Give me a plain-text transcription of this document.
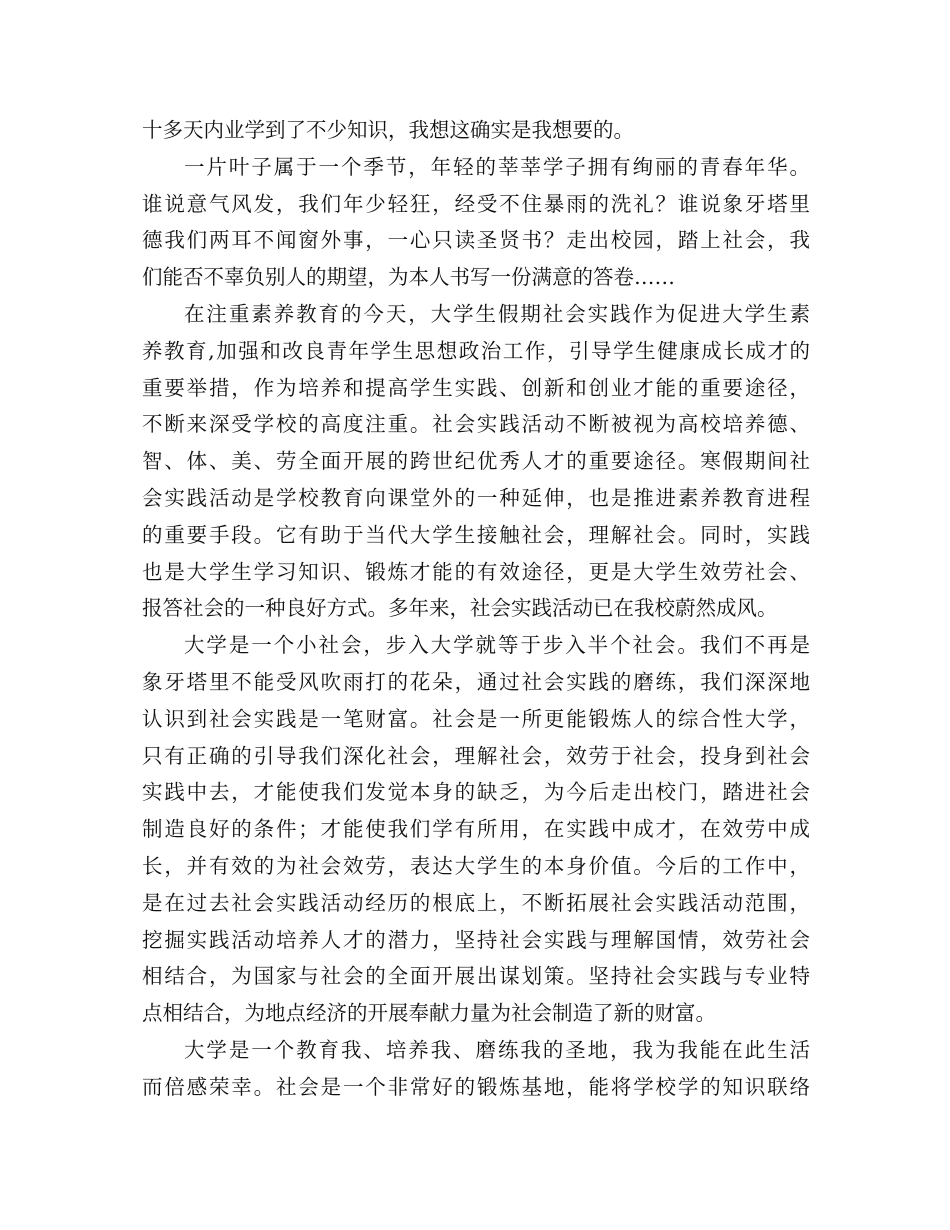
十多天内业学到了不少知识，我想这确实是我想要的。
一片叶子属于一个季节，年轻的莘莘学子拥有绚丽的青春年华。
谁说意气风发，我们年少轻狂，经受不住暴雨的洗礼？谁说象牙塔里
德我们两耳不闻窗外事，一心只读圣贤书？走出校园，踏上社会，我
们能否不辜负别人的期望，为本人书写一份满意的答卷……
在注重素养教育的今天，大学生假期社会实践作为促进大学生素
养教育,加强和改良青年学生思想政治工作，引导学生健康成长成才的
重要举措，作为培养和提高学生实践、创新和创业才能的重要途径，
不断来深受学校的高度注重。社会实践活动不断被视为高校培养德、
智、体、美、劳全面开展的跨世纪优秀人才的重要途径。寒假期间社
会实践活动是学校教育向课堂外的一种延伸，也是推进素养教育进程
的重要手段。它有助于当代大学生接触社会，理解社会。同时，实践
也是大学生学习知识、锻炼才能的有效途径，更是大学生效劳社会、
报答社会的一种良好方式。多年来，社会实践活动已在我校蔚然成风。
大学是一个小社会，步入大学就等于步入半个社会。我们不再是
象牙塔里不能受风吹雨打的花朵，通过社会实践的磨练，我们深深地
认识到社会实践是一笔财富。社会是一所更能锻炼人的综合性大学，
只有正确的引导我们深化社会，理解社会，效劳于社会，投身到社会
实践中去，才能使我们发觉本身的缺乏，为今后走出校门，踏进社会
制造良好的条件；才能使我们学有所用，在实践中成才，在效劳中成
长，并有效的为社会效劳，表达大学生的本身价值。今后的工作中，
是在过去社会实践活动经历的根底上，不断拓展社会实践活动范围，
挖掘实践活动培养人才的潜力，坚持社会实践与理解国情，效劳社会
相结合，为国家与社会的全面开展出谋划策。坚持社会实践与专业特
点相结合，为地点经济的开展奉献力量为社会制造了新的财富。
大学是一个教育我、培养我、磨练我的圣地，我为我能在此生活
而倍感荣幸。社会是一个非常好的锻炼基地，能将学校学的知识联络
